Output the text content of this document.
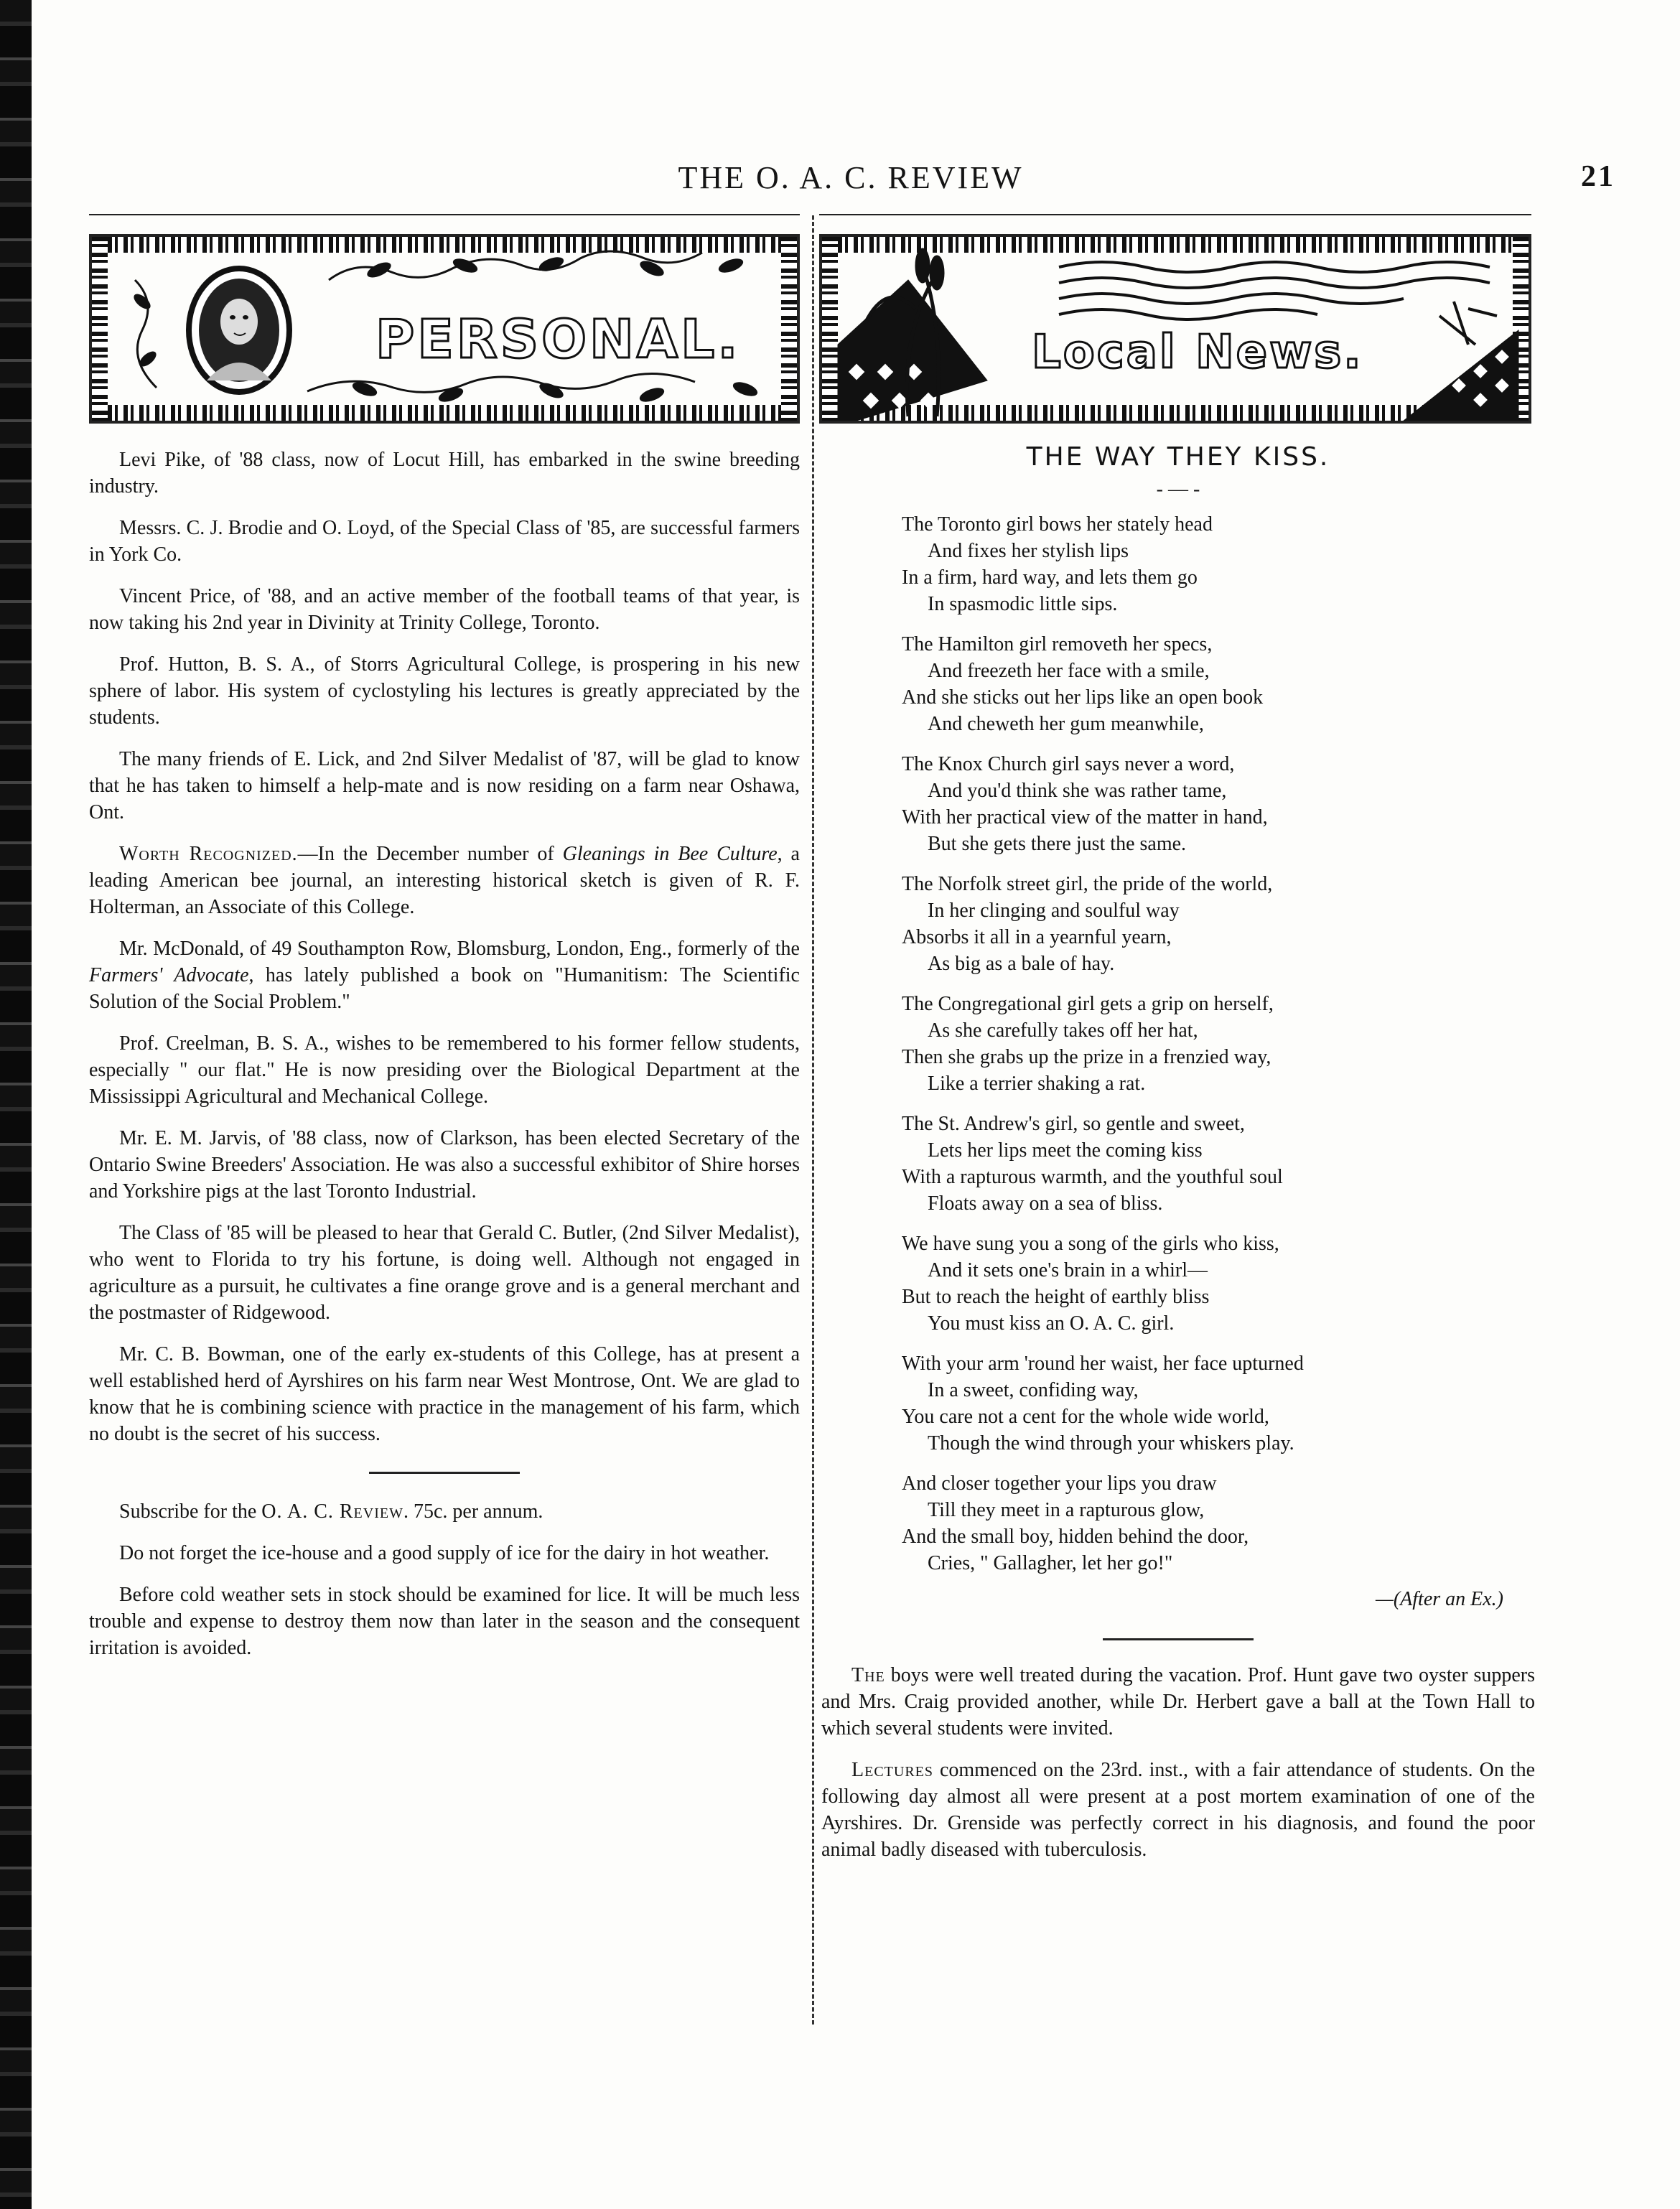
THE O. A. C. REVIEW	21
PERSONAL.	Local News.

Levi Pike, of '88 class, now of Locut Hill, has embarked in the swine breeding industry.

Messrs. C. J. Brodie and O. Loyd, of the Special Class of '85, are successful farmers in York Co.

Vincent Price, of '88, and an active member of the football teams of that year, is now taking his 2nd year in Divinity at Trinity College, Toronto.

Prof. Hutton, B. S. A., of Storrs Agricultural College, is prospering in his new sphere of labor. His system of cyclostyling his lectures is greatly appreciated by the students.

The many friends of E. Lick, and 2nd Silver Medalist of '87, will be glad to know that he has taken to himself a help-mate and is now residing on a farm near Oshawa, Ont.

Worth Recognized.—In the December number of Gleanings in Bee Culture, a leading American bee journal, an interesting historical sketch is given of R. F. Holterman, an Associate of this College.

Mr. McDonald, of 49 Southampton Row, Blomsburg, London, Eng., formerly of the Farmers' Advocate, has lately published a book on "Humanitism: The Scientific Solution of the Social Problem."

Prof. Creelman, B. S. A., wishes to be remembered to his former fellow students, especially " our flat." He is now presiding over the Biological Department at the Mississippi Agricultural and Mechanical College.

Mr. E. M. Jarvis, of '88 class, now of Clarkson, has been elected Secretary of the Ontario Swine Breeders' Association. He was also a successful exhibitor of Shire horses and Yorkshire pigs at the last Toronto Industrial.

The Class of '85 will be pleased to hear that Gerald C. Butler, (2nd Silver Medalist), who went to Florida to try his fortune, is doing well. Although not engaged in agriculture as a pursuit, he cultivates a fine orange grove and is a general merchant and the postmaster of Ridgewood.

Mr. C. B. Bowman, one of the early ex-students of this College, has at present a well established herd of Ayrshires on his farm near West Montrose, Ont. We are glad to know that he is combining science with practice in the management of his farm, which no doubt is the secret of his success.

Subscribe for the O. A. C. Review. 75c. per annum.

Do not forget the ice-house and a good supply of ice for the dairy in hot weather.

Before cold weather sets in stock should be examined for lice. It will be much less trouble and expense to destroy them now than later in the season and the consequent irritation is avoided.

THE WAY THEY KISS.
- — -
The Toronto girl bows her stately head
And fixes her stylish lips
In a firm, hard way, and lets them go
In spasmodic little sips.
The Hamilton girl removeth her specs,
And freezeth her face with a smile,
And she sticks out her lips like an open book
And cheweth her gum meanwhile,
The Knox Church girl says never a word,
And you'd think she was rather tame,
With her practical view of the matter in hand,
But she gets there just the same.
The Norfolk street girl, the pride of the world,
In her clinging and soulful way
Absorbs it all in a yearnful yearn,
As big as a bale of hay.
The Congregational girl gets a grip on herself,
As she carefully takes off her hat,
Then she grabs up the prize in a frenzied way,
Like a terrier shaking a rat.
The St. Andrew's girl, so gentle and sweet,
Lets her lips meet the coming kiss
With a rapturous warmth, and the youthful soul
Floats away on a sea of bliss.
We have sung you a song of the girls who kiss,
And it sets one's brain in a whirl—
But to reach the height of earthly bliss
You must kiss an O. A. C. girl.
With your arm 'round her waist, her face upturned
In a sweet, confiding way,
You care not a cent for the whole wide world,
Though the wind through your whiskers play.
And closer together your lips you draw
Till they meet in a rapturous glow,
And the small boy, hidden behind the door,
Cries, " Gallagher, let her go!"
—(After an Ex.)

The boys were well treated during the vacation. Prof. Hunt gave two oyster suppers and Mrs. Craig provided another, while Dr. Herbert gave a ball at the Town Hall to which several students were invited.

Lectures commenced on the 23rd. inst., with a fair attendance of students. On the following day almost all were present at a post mortem examination of one of the Ayrshires. Dr. Grenside was perfectly correct in his diagnosis, and found the poor animal badly diseased with tuberculosis.
